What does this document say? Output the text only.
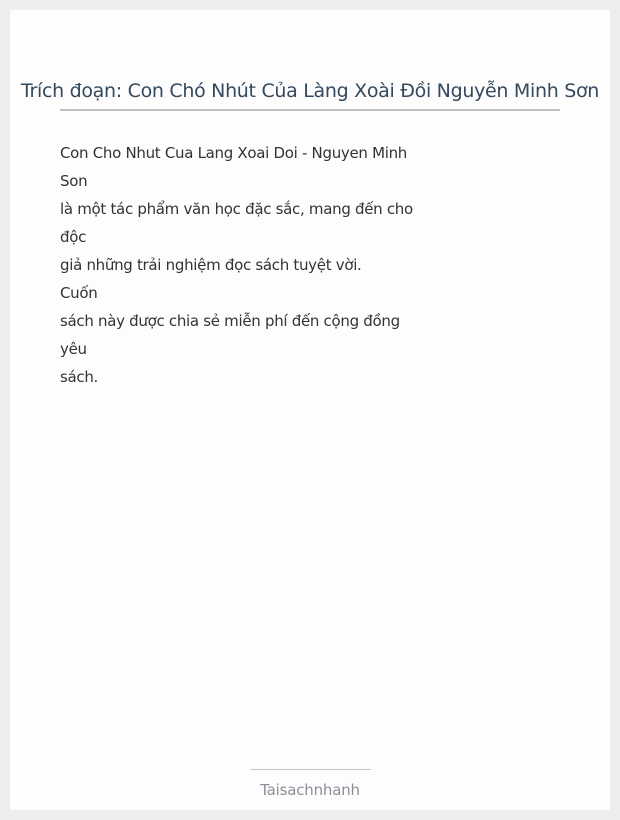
Trích đoạn: Con Chó Nhút Của Làng Xoài Đồi Nguyễn Minh Sơn
Con Cho Nhut Cua Lang Xoai Doi - Nguyen Minh
Son
là một tác phẩm văn học đặc sắc, mang đến cho
độc
giả những trải nghiệm đọc sách tuyệt vời.
Cuốn
sách này được chia sẻ miễn phí đến cộng đồng
yêu
sách.
Taisachnhanh
